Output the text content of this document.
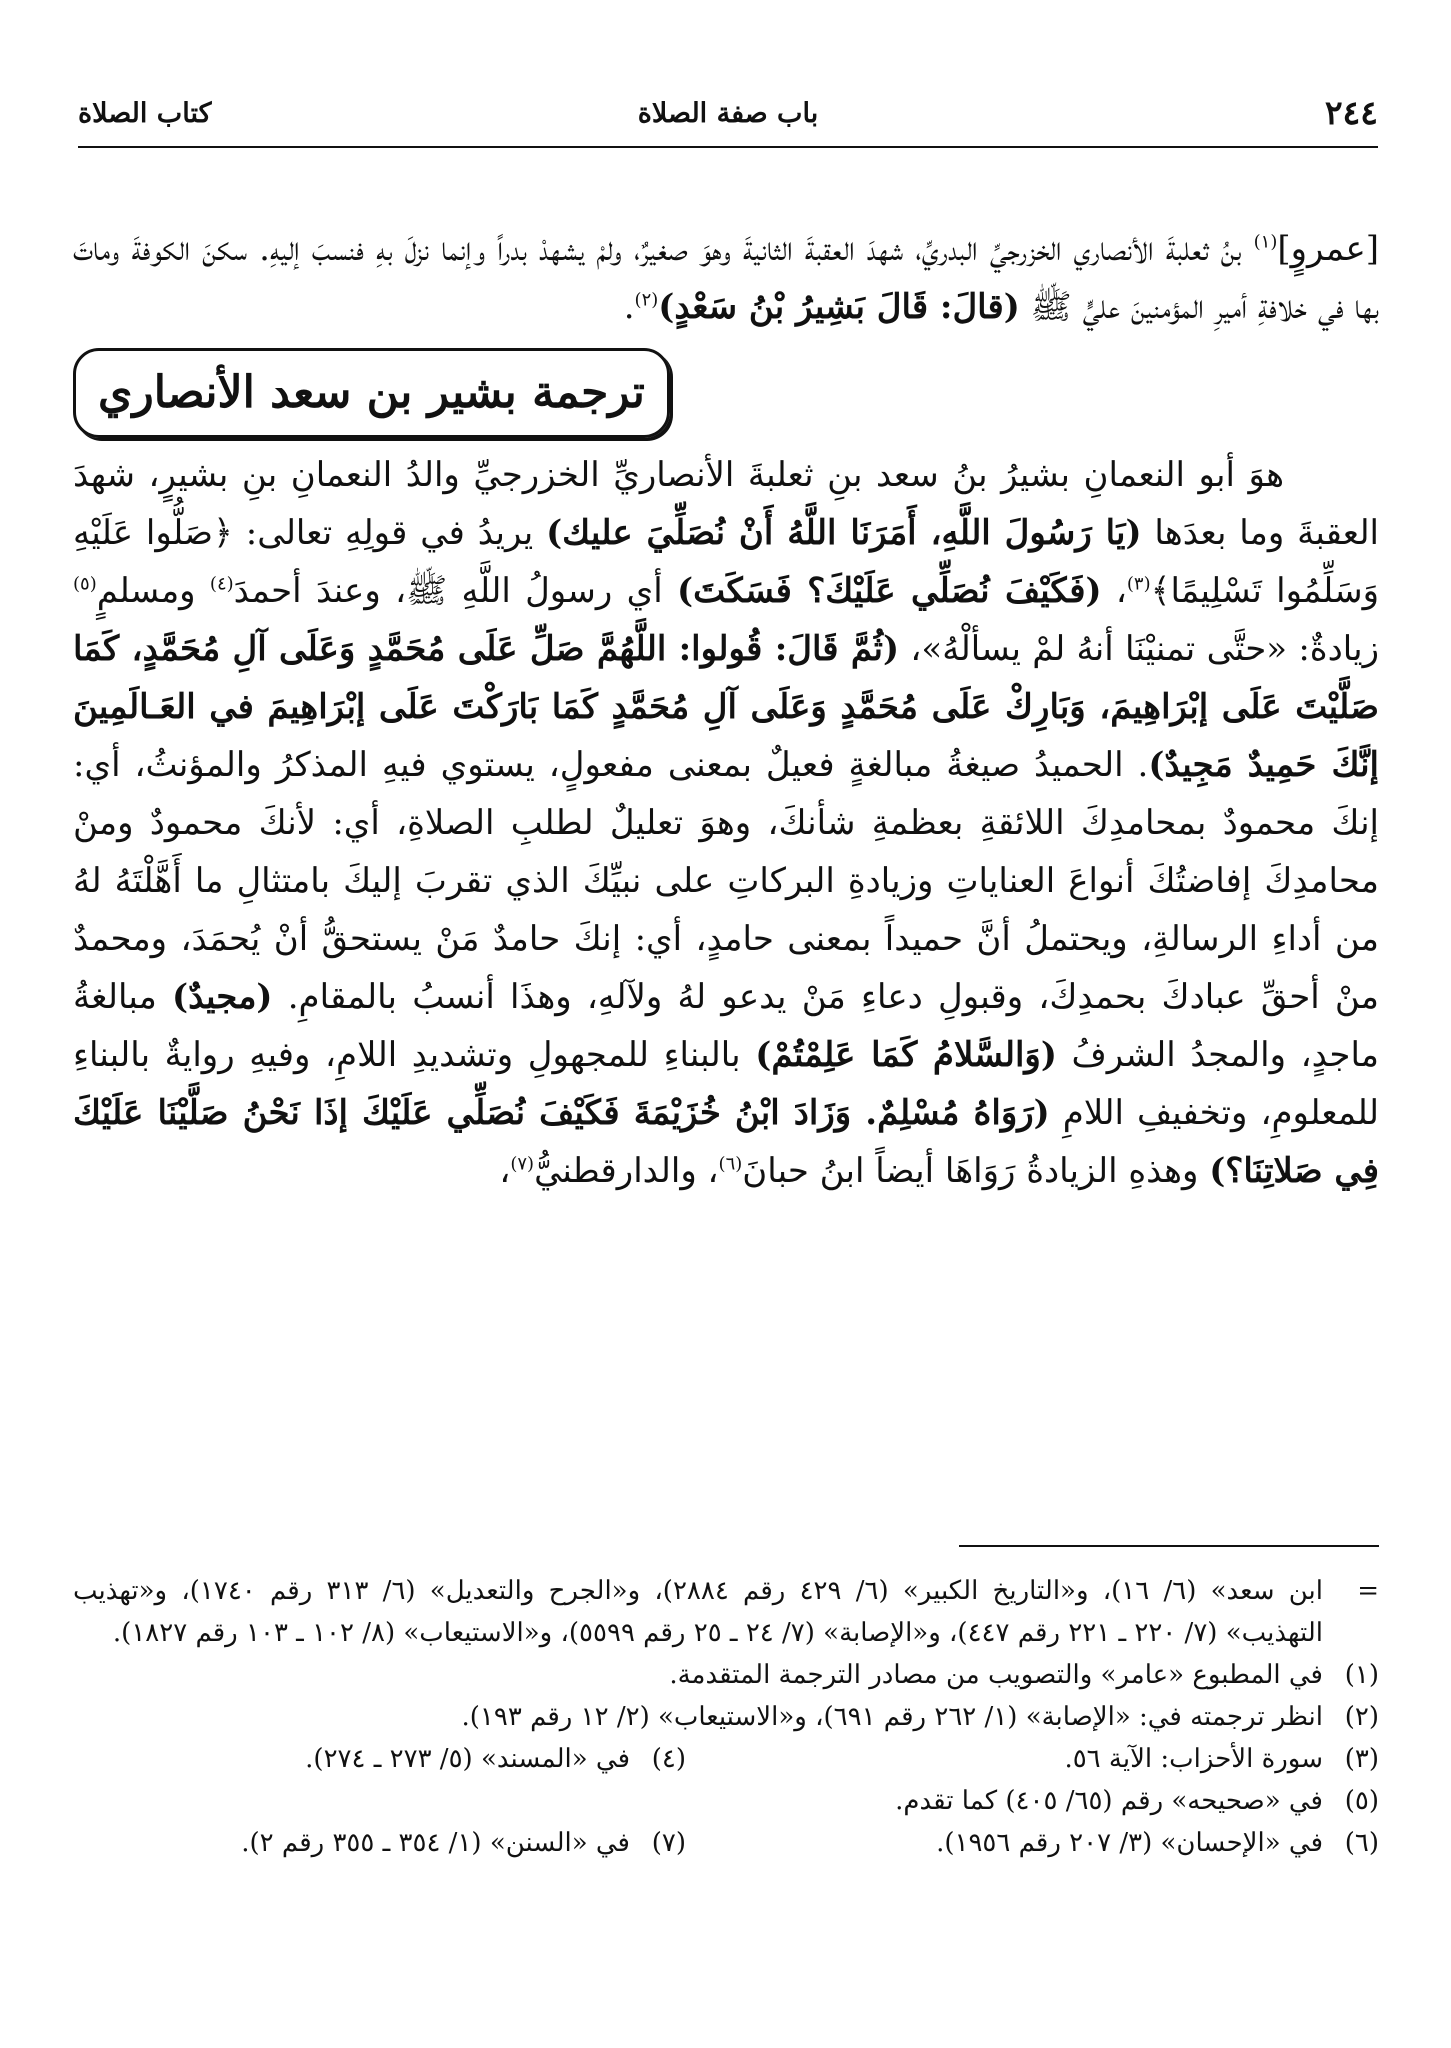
٢٤٤
باب صفة الصلاة
كتاب الصلاة

[عمروٍ]$^{(١)}$ بنُ ثعلبةَ الأنصاري الخزرجيِّ البدريِّ، شهدَ العقبةَ الثانيةَ وهوَ صغيرٌ، ولمْ يشهدْ بدراً وإنما نزلَ بهِ فنسبَ إليهِ. سكنَ الكوفةَ وماتَ بها في خلافةِ أميرِ المؤمنينَ عليٍّ ﷺ (قالَ: قَالَ بَشِيرُ بْنُ سَعْدٍ)$^{(٢)}$.

ترجمة بشير بن سعد الأنصاري

هوَ أبو النعمانِ بشيرُ بنُ سعد بنِ ثعلبةَ الأنصاريِّ الخزرجيِّ والدُ النعمانِ بنِ بشيرٍ، شهدَ العقبةَ وما بعدَها (يَا رَسُولَ اللَّهِ، أَمَرَنَا اللَّهُ أَنْ نُصَلِّيَ عليك) يريدُ في قولِهِ تعالى: ﴿صَلُّوا عَلَيْهِ وَسَلِّمُوا تَسْلِيمًا﴾$^{(٣)}$، (فَكَيْفَ نُصَلِّي عَلَيْكَ؟ فَسَكَتَ) أي رسولُ اللَّهِ ﷺ، وعندَ أحمدَ$^{(٤)}$ ومسلمٍ$^{(٥)}$ زيادةٌ: «حتَّى تمنيْنَا أنهُ لمْ يسألْهُ»، (ثُمَّ قَالَ: قُولوا: اللَّهُمَّ صَلِّ عَلَى مُحَمَّدٍ وَعَلَى آلِ مُحَمَّدٍ، كَمَا صَلَّيْتَ عَلَى إبْرَاهِيمَ، وَبَارِكْ عَلَى مُحَمَّدٍ وَعَلَى آلِ مُحَمَّدٍ كَمَا بَارَكْتَ عَلَى إبْرَاهِيمَ في العَـالَمِينَ إنَّكَ حَمِيدٌ مَجِيدٌ). الحميدُ صيغةُ مبالغةٍ فعيلٌ بمعنى مفعولٍ، يستوي فيهِ المذكرُ والمؤنثُ، أي: إنكَ محمودٌ بمحامدِكَ اللائقةِ بعظمةِ شأنكَ، وهوَ تعليلٌ لطلبِ الصلاةِ، أي: لأنكَ محمودٌ ومنْ محامدِكَ إفاضتُكَ أنواعَ العناياتِ وزيادةِ البركاتِ على نبيِّكَ الذي تقربَ إليكَ بامتثالِ ما أَهَّلْتَهُ لهُ من أداءِ الرسالةِ، ويحتملُ أنَّ حميداً بمعنى حامدٍ، أي: إنكَ حامدٌ مَنْ يستحقُّ أنْ يُحمَدَ، ومحمدٌ منْ أحقِّ عبادكَ بحمدِكَ، وقبولِ دعاءِ مَنْ يدعو لهُ ولآلهِ، وهذَا أنسبُ بالمقامِ. (مجيدٌ) مبالغةُ ماجدٍ، والمجدُ الشرفُ (وَالسَّلامُ كَمَا عَلِمْتُمْ) بالبناءِ للمجهولِ وتشديدِ اللامِ، وفيهِ روايةٌ بالبناءِ للمعلومِ، وتخفيفِ اللامِ (رَوَاهُ مُسْلِمٌ. وَزَادَ ابْنُ خُزَيْمَةَ فَكَيْفَ نُصَلِّي عَلَيْكَ إذَا نَحْنُ صَلَّيْنَا عَلَيْكَ فِي صَلاتِنَا؟) وهذهِ الزيادةُ رَوَاهَا أيضاً ابنُ حبانَ$^{(٦)}$، والدارقطنيُّ$^{(٧)}$،

=
ابن سعد» (٦/ ١٦)، و«التاريخ الكبير» (٦/ ٤٢٩ رقم ٢٨٨٤)، و«الجرح والتعديل» (٦/ ٣١٣ رقم ١٧٤٠)، و«تهذيب التهذيب» (٧/ ٢٢٠ ـ ٢٢١ رقم ٤٤٧)، و«الإصابة» (٧/ ٢٤ ـ ٢٥ رقم ٥٥٩٩)، و«الاستيعاب» (٨/ ١٠٢ ـ ١٠٣ رقم ١٨٢٧).
(١)
في المطبوع «عامر» والتصويب من مصادر الترجمة المتقدمة.
(٢)
انظر ترجمته في: «الإصابة» (١/ ٢٦٢ رقم ٦٩١)، و«الاستيعاب» (٢/ ١٢ رقم ١٩٣).
(٣)
سورة الأحزاب: الآية ٥٦.
(٤)
في «المسند» (٥/ ٢٧٣ ـ ٢٧٤).
(٥)
في «صحيحه» رقم (٦٥/ ٤٠٥) كما تقدم.
(٦)
في «الإحسان» (٣/ ٢٠٧ رقم ١٩٥٦).
(٧)
في «السنن» (١/ ٣٥٤ ـ ٣٥٥ رقم ٢).
